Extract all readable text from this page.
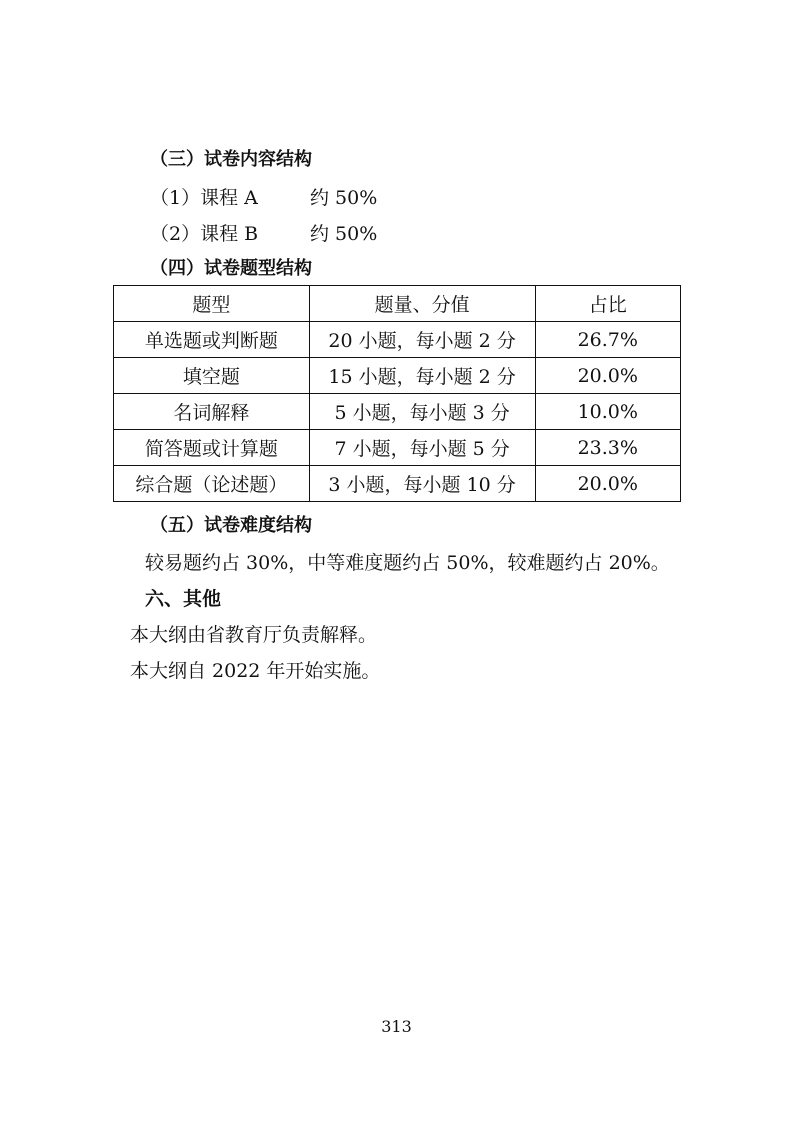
（三）试卷内容结构
（1）课程 A	约 50%
（2）课程 B	约 50%
（四）试卷题型结构
题型	题量、分值	占比
单选题或判断题	20 小题，每小题 2 分	26.7%
填空题	15 小题，每小题 2 分	20.0%
名词解释	5 小题，每小题 3 分	10.0%
简答题或计算题	7 小题，每小题 5 分	23.3%
综合题（论述题）	3 小题，每小题 10 分	20.0%
（五）试卷难度结构
较易题约占 30%，中等难度题约占 50%，较难题约占 20%。
六、其他
本大纲由省教育厅负责解释。
本大纲自 2022 年开始实施。
313
